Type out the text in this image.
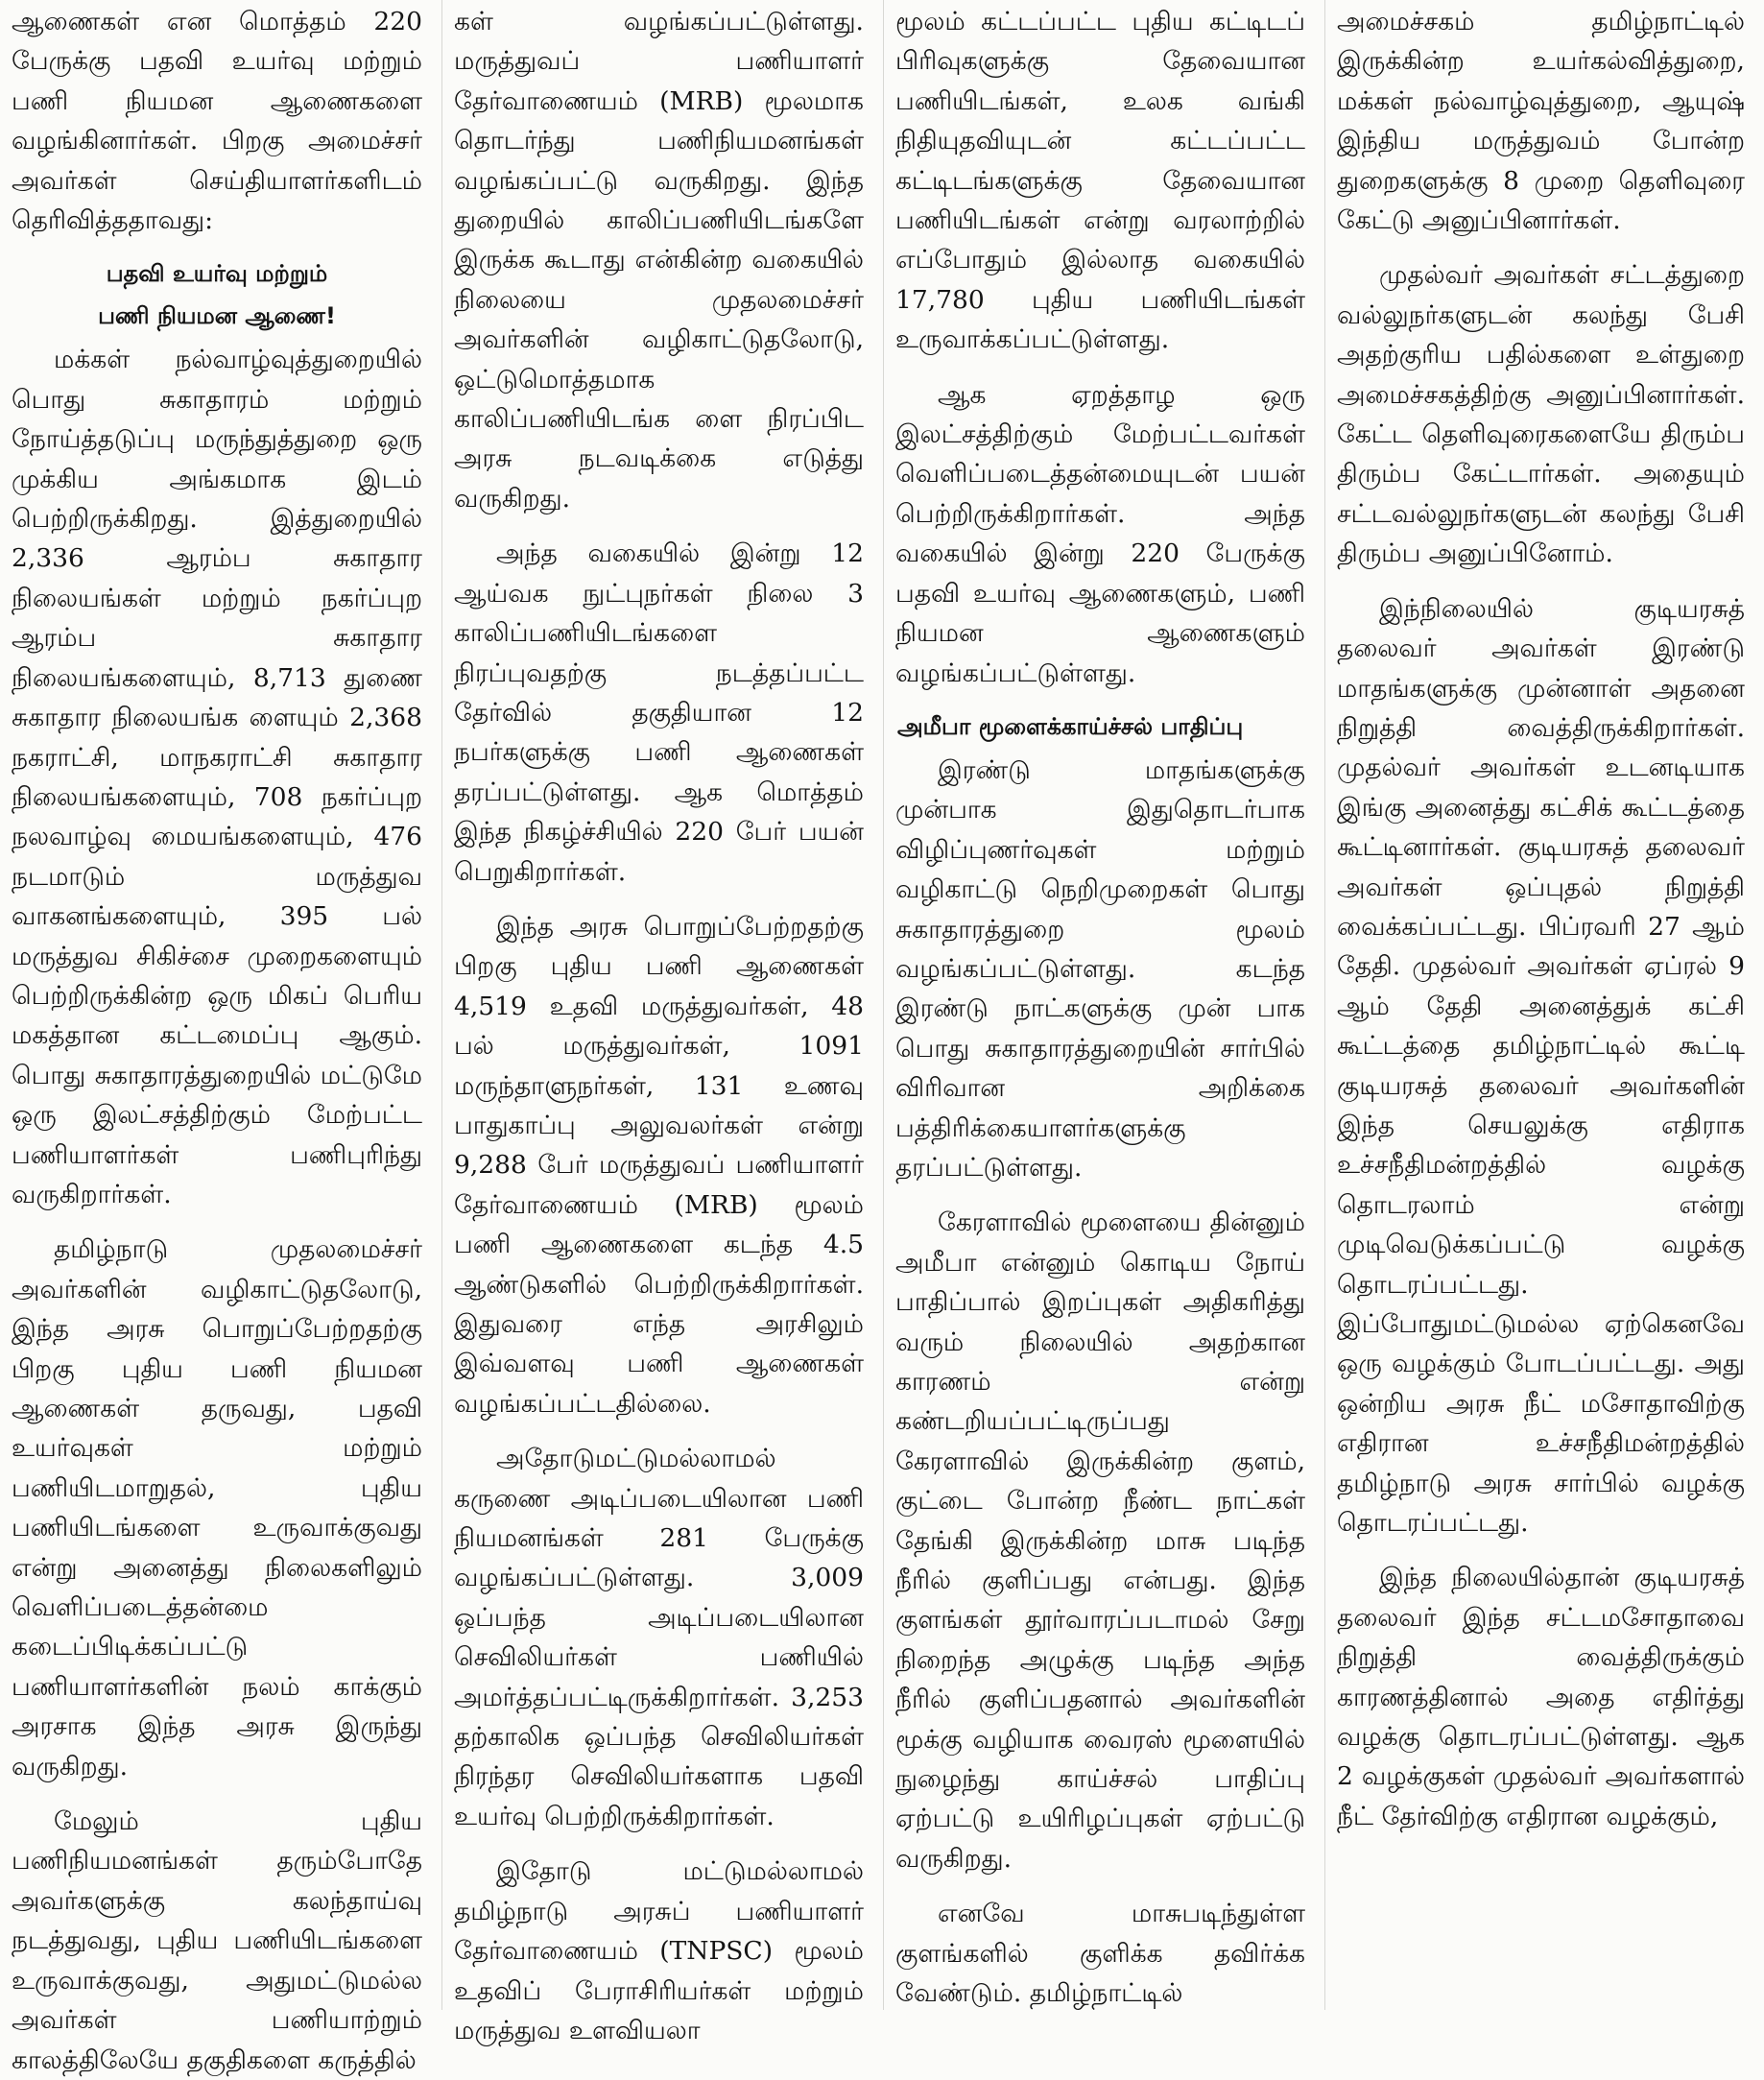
ஆணைகள் என மொத்தம் 220 பேருக்கு பதவி உயர்வு மற்றும் பணி நியமன ஆணைகளை வழங்கினார்கள். பிறகு அமைச்சர் அவர்கள் செய்தியாளர்களிடம் தெரிவித்ததாவது:

பதவி உயர்வு மற்றும்
பணி நியமன ஆணை!

மக்கள் நல்வாழ்வுத்துறையில் பொது சுகாதாரம் மற்றும் நோய்த்தடுப்பு மருந்துத்துறை ஒரு முக்கிய அங்கமாக இடம் பெற்றிருக்கிறது. இத்துறையில் 2,336 ஆரம்ப சுகாதார நிலையங்கள் மற்றும் நகர்ப்புற ஆரம்ப சுகாதார நிலையங்களையும், 8,713 துணை சுகாதார நிலையங்க ளையும் 2,368 நகராட்சி, மாநகராட்சி சுகாதார நிலையங்களையும், 708 நகர்ப்புற நலவாழ்வு மையங்களையும், 476 நடமாடும் மருத்துவ வாகனங்களையும், 395 பல் மருத்துவ சிகிச்சை முறைகளையும் பெற்றிருக்கின்ற ஒரு மிகப் பெரிய மகத்தான கட்டமைப்பு ஆகும். பொது சுகாதாரத்துறையில் மட்டுமே ஒரு இலட்சத்திற்கும் மேற்பட்ட பணியாளர்கள் பணிபுரிந்து வருகிறார்கள்.

தமிழ்நாடு முதலமைச்சர் அவர்களின் வழிகாட்டுதலோடு, இந்த அரசு பொறுப்பேற்றதற்கு பிறகு புதிய பணி நியமன ஆணைகள் தருவது, பதவி உயர்வுகள் மற்றும் பணியிடமாறுதல், புதிய பணியிடங்களை உருவாக்குவது என்று அனைத்து நிலைகளிலும் வெளிப்படைத்தன்மை கடைப்பிடிக்கப்பட்டு பணியாளர்களின் நலம் காக்கும் அரசாக இந்த அரசு இருந்து வருகிறது.

மேலும் புதிய பணிநியமனங்கள் தரும்போதே அவர்களுக்கு கலந்தாய்வு நடத்துவது, புதிய பணியிடங்களை உருவாக்குவது, அதுமட்டுமல்ல அவர்கள் பணியாற்றும் காலத்திலேயே தகுதிகளை கருத்தில்

கள் வழங்கப்பட்டுள்ளது. மருத்துவப் பணியாளர் தேர்வாணையம் (MRB) மூலமாக தொடர்ந்து பணிநியமனங்கள் வழங்கப்பட்டு வருகிறது. இந்த துறையில் காலிப்பணியிடங்களே இருக்க கூடாது என்கின்ற வகையில் நிலையை முதலமைச்சர் அவர்களின் வழிகாட்டுதலோடு, ஒட்டுமொத்தமாக காலிப்பணியிடங்க ளை நிரப்பிட அரசு நடவடிக்கை எடுத்து வருகிறது.

அந்த வகையில் இன்று 12 ஆய்வக நுட்புநர்கள் நிலை 3 காலிப்பணியிடங்களை நிரப்புவதற்கு நடத்தப்பட்ட தேர்வில் தகுதியான 12 நபர்களுக்கு பணி ஆணைகள் தரப்பட்டுள்ளது. ஆக மொத்தம் இந்த நிகழ்ச்சியில் 220 பேர் பயன் பெறுகிறார்கள்.

இந்த அரசு பொறுப்பேற்றதற்கு பிறகு புதிய பணி ஆணைகள் 4,519 உதவி மருத்துவர்கள், 48 பல் மருத்துவர்கள், 1091 மருந்தாளுநர்கள், 131 உணவு பாதுகாப்பு அலுவலர்கள் என்று 9,288 பேர் மருத்துவப் பணியாளர் தேர்வாணையம் (MRB) மூலம் பணி ஆணைகளை கடந்த 4.5 ஆண்டுகளில் பெற்றிருக்கிறார்கள். இதுவரை எந்த அரசிலும் இவ்வளவு பணி ஆணைகள் வழங்கப்பட்டதில்லை.

அதோடுமட்டுமல்லாமல் கருணை அடிப்படையிலான பணி நியமனங்கள் 281 பேருக்கு வழங்கப்பட்டுள்ளது. 3,009 ஒப்பந்த அடிப்படையிலான செவிலியர்கள் பணியில் அமர்த்தப்பட்டிருக்கிறார்கள். 3,253 தற்காலிக ஒப்பந்த செவிலியர்கள் நிரந்தர செவிலியர்களாக பதவி உயர்வு பெற்றிருக்கிறார்கள்.

இதோடு மட்டுமல்லாமல் தமிழ்நாடு அரசுப் பணியாளர் தேர்வாணையம் (TNPSC) மூலம் உதவிப் பேராசிரியர்கள் மற்றும் மருத்துவ உளவியலா

மூலம் கட்டப்பட்ட புதிய கட்டிடப் பிரிவுகளுக்கு தேவையான பணியிடங்கள், உலக வங்கி நிதியுதவியுடன் கட்டப்பட்ட கட்டிடங்களுக்கு தேவையான பணியிடங்கள் என்று வரலாற்றில் எப்போதும் இல்லாத வகையில் 17,780 புதிய பணியிடங்கள் உருவாக்கப்பட்டுள்ளது.

ஆக ஏறத்தாழ ஒரு இலட்சத்திற்கும் மேற்பட்டவர்கள் வெளிப்படைத்தன்மையுடன் பயன் பெற்றிருக்கிறார்கள். அந்த வகையில் இன்று 220 பேருக்கு பதவி உயர்வு ஆணைகளும், பணி நியமன ஆணைகளும் வழங்கப்பட்டுள்ளது.

அமீபா மூளைக்காய்ச்சல் பாதிப்பு

இரண்டு மாதங்களுக்கு முன்பாக இதுதொடர்பாக விழிப்புணர்வுகள் மற்றும் வழிகாட்டு நெறிமுறைகள் பொது சுகாதாரத்துறை மூலம் வழங்கப்பட்டுள்ளது. கடந்த இரண்டு நாட்களுக்கு முன் பாக பொது சுகாதாரத்துறையின் சார்பில் விரிவான அறிக்கை பத்திரிக்கையாளர்களுக்கு தரப்பட்டுள்ளது.

கேரளாவில் மூளையை தின்னும் அமீபா என்னும் கொடிய நோய் பாதிப்பால் இறப்புகள் அதிகரித்து வரும் நிலையில் அதற்கான காரணம் என்று கண்டறியப்பட்டிருப்பது கேரளாவில் இருக்கின்ற குளம், குட்டை போன்ற நீண்ட நாட்கள் தேங்கி இருக்கின்ற மாசு படிந்த நீரில் குளிப்பது என்பது. இந்த குளங்கள் தூர்வாரப்படாமல் சேறு நிறைந்த அழுக்கு படிந்த அந்த நீரில் குளிப்பதனால் அவர்களின் மூக்கு வழியாக வைரஸ் மூளையில் நுழைந்து காய்ச்சல் பாதிப்பு ஏற்பட்டு உயிரிழப்புகள் ஏற்பட்டு வருகிறது.

எனவே மாசுபடிந்துள்ள குளங்களில் குளிக்க தவிர்க்க வேண்டும். தமிழ்நாட்டில்

அமைச்சகம் தமிழ்நாட்டில் இருக்கின்ற உயர்கல்வித்துறை, மக்கள் நல்வாழ்வுத்துறை, ஆயுஷ் இந்திய மருத்துவம் போன்ற துறைகளுக்கு 8 முறை தெளிவுரை கேட்டு அனுப்பினார்கள்.

முதல்வர் அவர்கள் சட்டத்துறை வல்லுநர்களுடன் கலந்து பேசி அதற்குரிய பதில்களை உள்துறை அமைச்சகத்திற்கு அனுப்பினார்கள். கேட்ட தெளிவுரைகளையே திரும்ப திரும்ப கேட்டார்கள். அதையும் சட்டவல்லுநர்களுடன் கலந்து பேசி திரும்ப அனுப்பினோம்.

இந்நிலையில் குடியரசுத் தலைவர் அவர்கள் இரண்டு மாதங்களுக்கு முன்னாள் அதனை நிறுத்தி வைத்திருக்கிறார்கள். முதல்வர் அவர்கள் உடனடியாக இங்கு அனைத்து கட்சிக் கூட்டத்தை கூட்டினார்கள். குடியரசுத் தலைவர் அவர்கள் ஒப்புதல் நிறுத்தி வைக்கப்பட்டது. பிப்ரவரி 27 ஆம் தேதி. முதல்வர் அவர்கள் ஏப்ரல் 9 ஆம் தேதி அனைத்துக் கட்சி கூட்டத்தை தமிழ்நாட்டில் கூட்டி குடியரசுத் தலைவர் அவர்களின் இந்த செயலுக்கு எதிராக உச்சநீதிமன்றத்தில் வழக்கு தொடரலாம் என்று முடிவெடுக்கப்பட்டு வழக்கு தொடரப்பட்டது. இப்போதுமட்டுமல்ல ஏற்கெனவே ஒரு வழக்கும் போடப்பட்டது. அது ஒன்றிய அரசு நீட் மசோதாவிற்கு எதிரான உச்சநீதிமன்றத்தில் தமிழ்நாடு அரசு சார்பில் வழக்கு தொடரப்பட்டது.

இந்த நிலையில்தான் குடியரசுத் தலைவர் இந்த சட்டமசோதாவை நிறுத்தி வைத்திருக்கும் காரணத்தினால் அதை எதிர்த்து வழக்கு தொடரப்பட்டுள்ளது. ஆக 2 வழக்குகள் முதல்வர் அவர்களால் நீட் தேர்விற்கு எதிரான வழக்கும்,
